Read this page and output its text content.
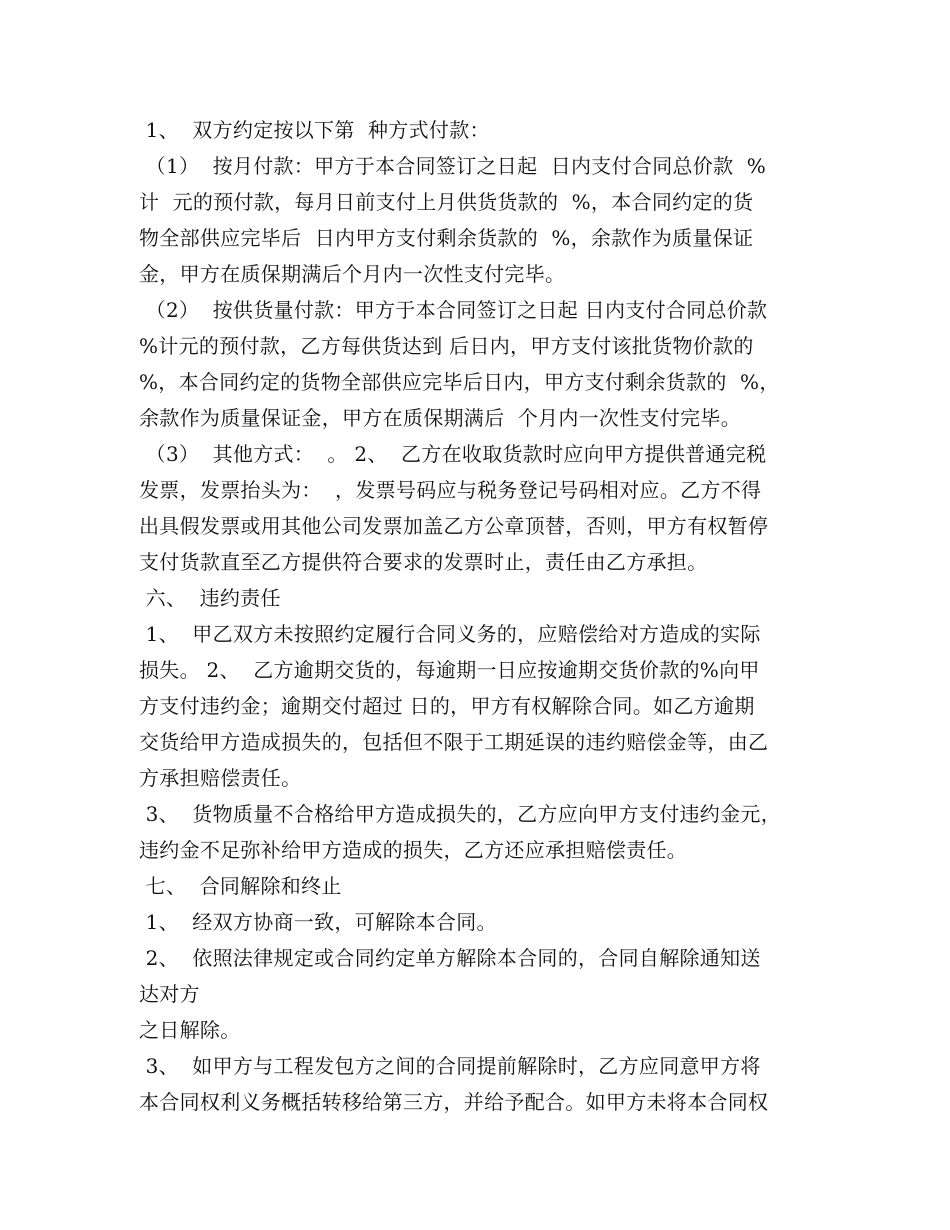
1、  双方约定按以下第  种方式付款：
（1）  按月付款：甲方于本合同签订之日起  日内支付合同总价款  %
计  元的预付款，每月日前支付上月供货货款的  %，本合同约定的货
物全部供应完毕后  日内甲方支付剩余货款的  %，余款作为质量保证
金，甲方在质保期满后个月内一次性支付完毕。
（2）  按供货量付款：甲方于本合同签订之日起 日内支付合同总价款
%计元的预付款，乙方每供货达到 后日内，甲方支付该批货物价款的
%，本合同约定的货物全部供应完毕后日内，甲方支付剩余货款的  %，
余款作为质量保证金，甲方在质保期满后  个月内一次性支付完毕。
（3）  其他方式：  。 2、  乙方在收取货款时应向甲方提供普通完税
发票，发票抬头为：  ，发票号码应与税务登记号码相对应。乙方不得
出具假发票或用其他公司发票加盖乙方公章顶替，否则，甲方有权暂停
支付货款直至乙方提供符合要求的发票时止，责任由乙方承担。
六、  违约责任
1、  甲乙双方未按照约定履行合同义务的，应赔偿给对方造成的实际
损失。 2、  乙方逾期交货的，每逾期一日应按逾期交货价款的%向甲
方支付违约金；逾期交付超过 日的，甲方有权解除合同。如乙方逾期
交货给甲方造成损失的，包括但不限于工期延误的违约赔偿金等，由乙
方承担赔偿责任。
3、  货物质量不合格给甲方造成损失的，乙方应向甲方支付违约金元，
违约金不足弥补给甲方造成的损失，乙方还应承担赔偿责任。
七、  合同解除和终止
1、  经双方协商一致，可解除本合同。
2、  依照法律规定或合同约定单方解除本合同的，合同自解除通知送
达对方
之日解除。
3、  如甲方与工程发包方之间的合同提前解除时，乙方应同意甲方将
本合同权利义务概括转移给第三方，并给予配合。如甲方未将本合同权
